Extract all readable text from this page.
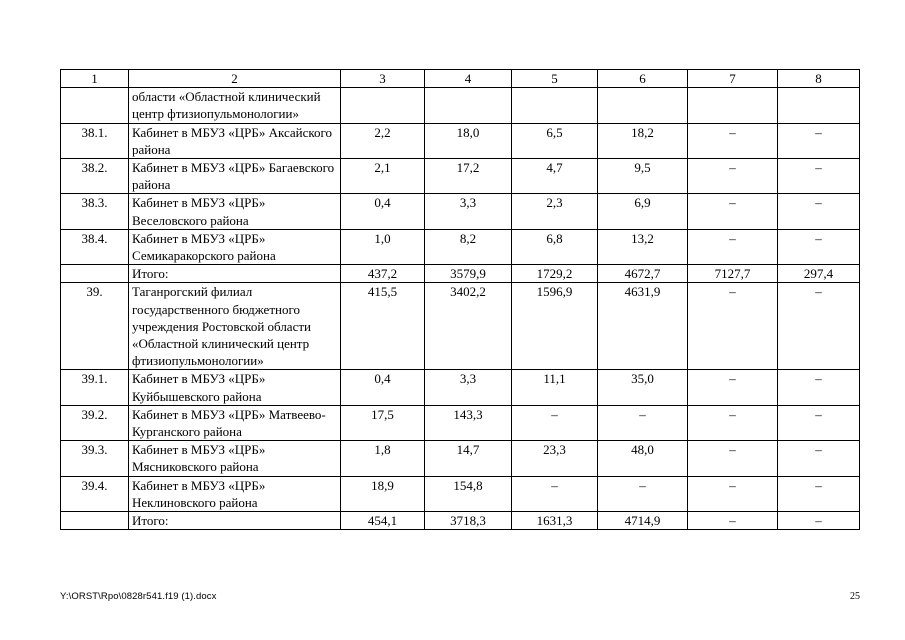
1	2	3	4	5	6	7	8
	области «Областной клинический центр фтизиопульмонологии»						
38.1.	Кабинет в МБУЗ «ЦРБ» Аксайского района	2,2	18,0	6,5	18,2	–	–
38.2.	Кабинет в МБУЗ «ЦРБ» Багаевского района	2,1	17,2	4,7	9,5	–	–
38.3.	Кабинет в МБУЗ «ЦРБ» Веселовского района	0,4	3,3	2,3	6,9	–	–
38.4.	Кабинет в МБУЗ «ЦРБ» Семикаракорского района	1,0	8,2	6,8	13,2	–	–
	Итого:	437,2	3579,9	1729,2	4672,7	7127,7	297,4
39.	Таганрогский филиал государственного бюджетного учреждения Ростовской области «Областной клинический центр фтизиопульмонологии»	415,5	3402,2	1596,9	4631,9	–	–
39.1.	Кабинет в МБУЗ «ЦРБ» Куйбышевского района	0,4	3,3	11,1	35,0	–	–
39.2.	Кабинет в МБУЗ «ЦРБ» Матвеево-Курганского района	17,5	143,3	–	–	–	–
39.3.	Кабинет в МБУЗ «ЦРБ» Мясниковского района	1,8	14,7	23,3	48,0	–	–
39.4.	Кабинет в МБУЗ «ЦРБ» Неклиновского района	18,9	154,8	–	–	–	–
	Итого:	454,1	3718,3	1631,3	4714,9	–	–
Y:\ORST\Rpo\0828r541.f19 (1).docx	25
